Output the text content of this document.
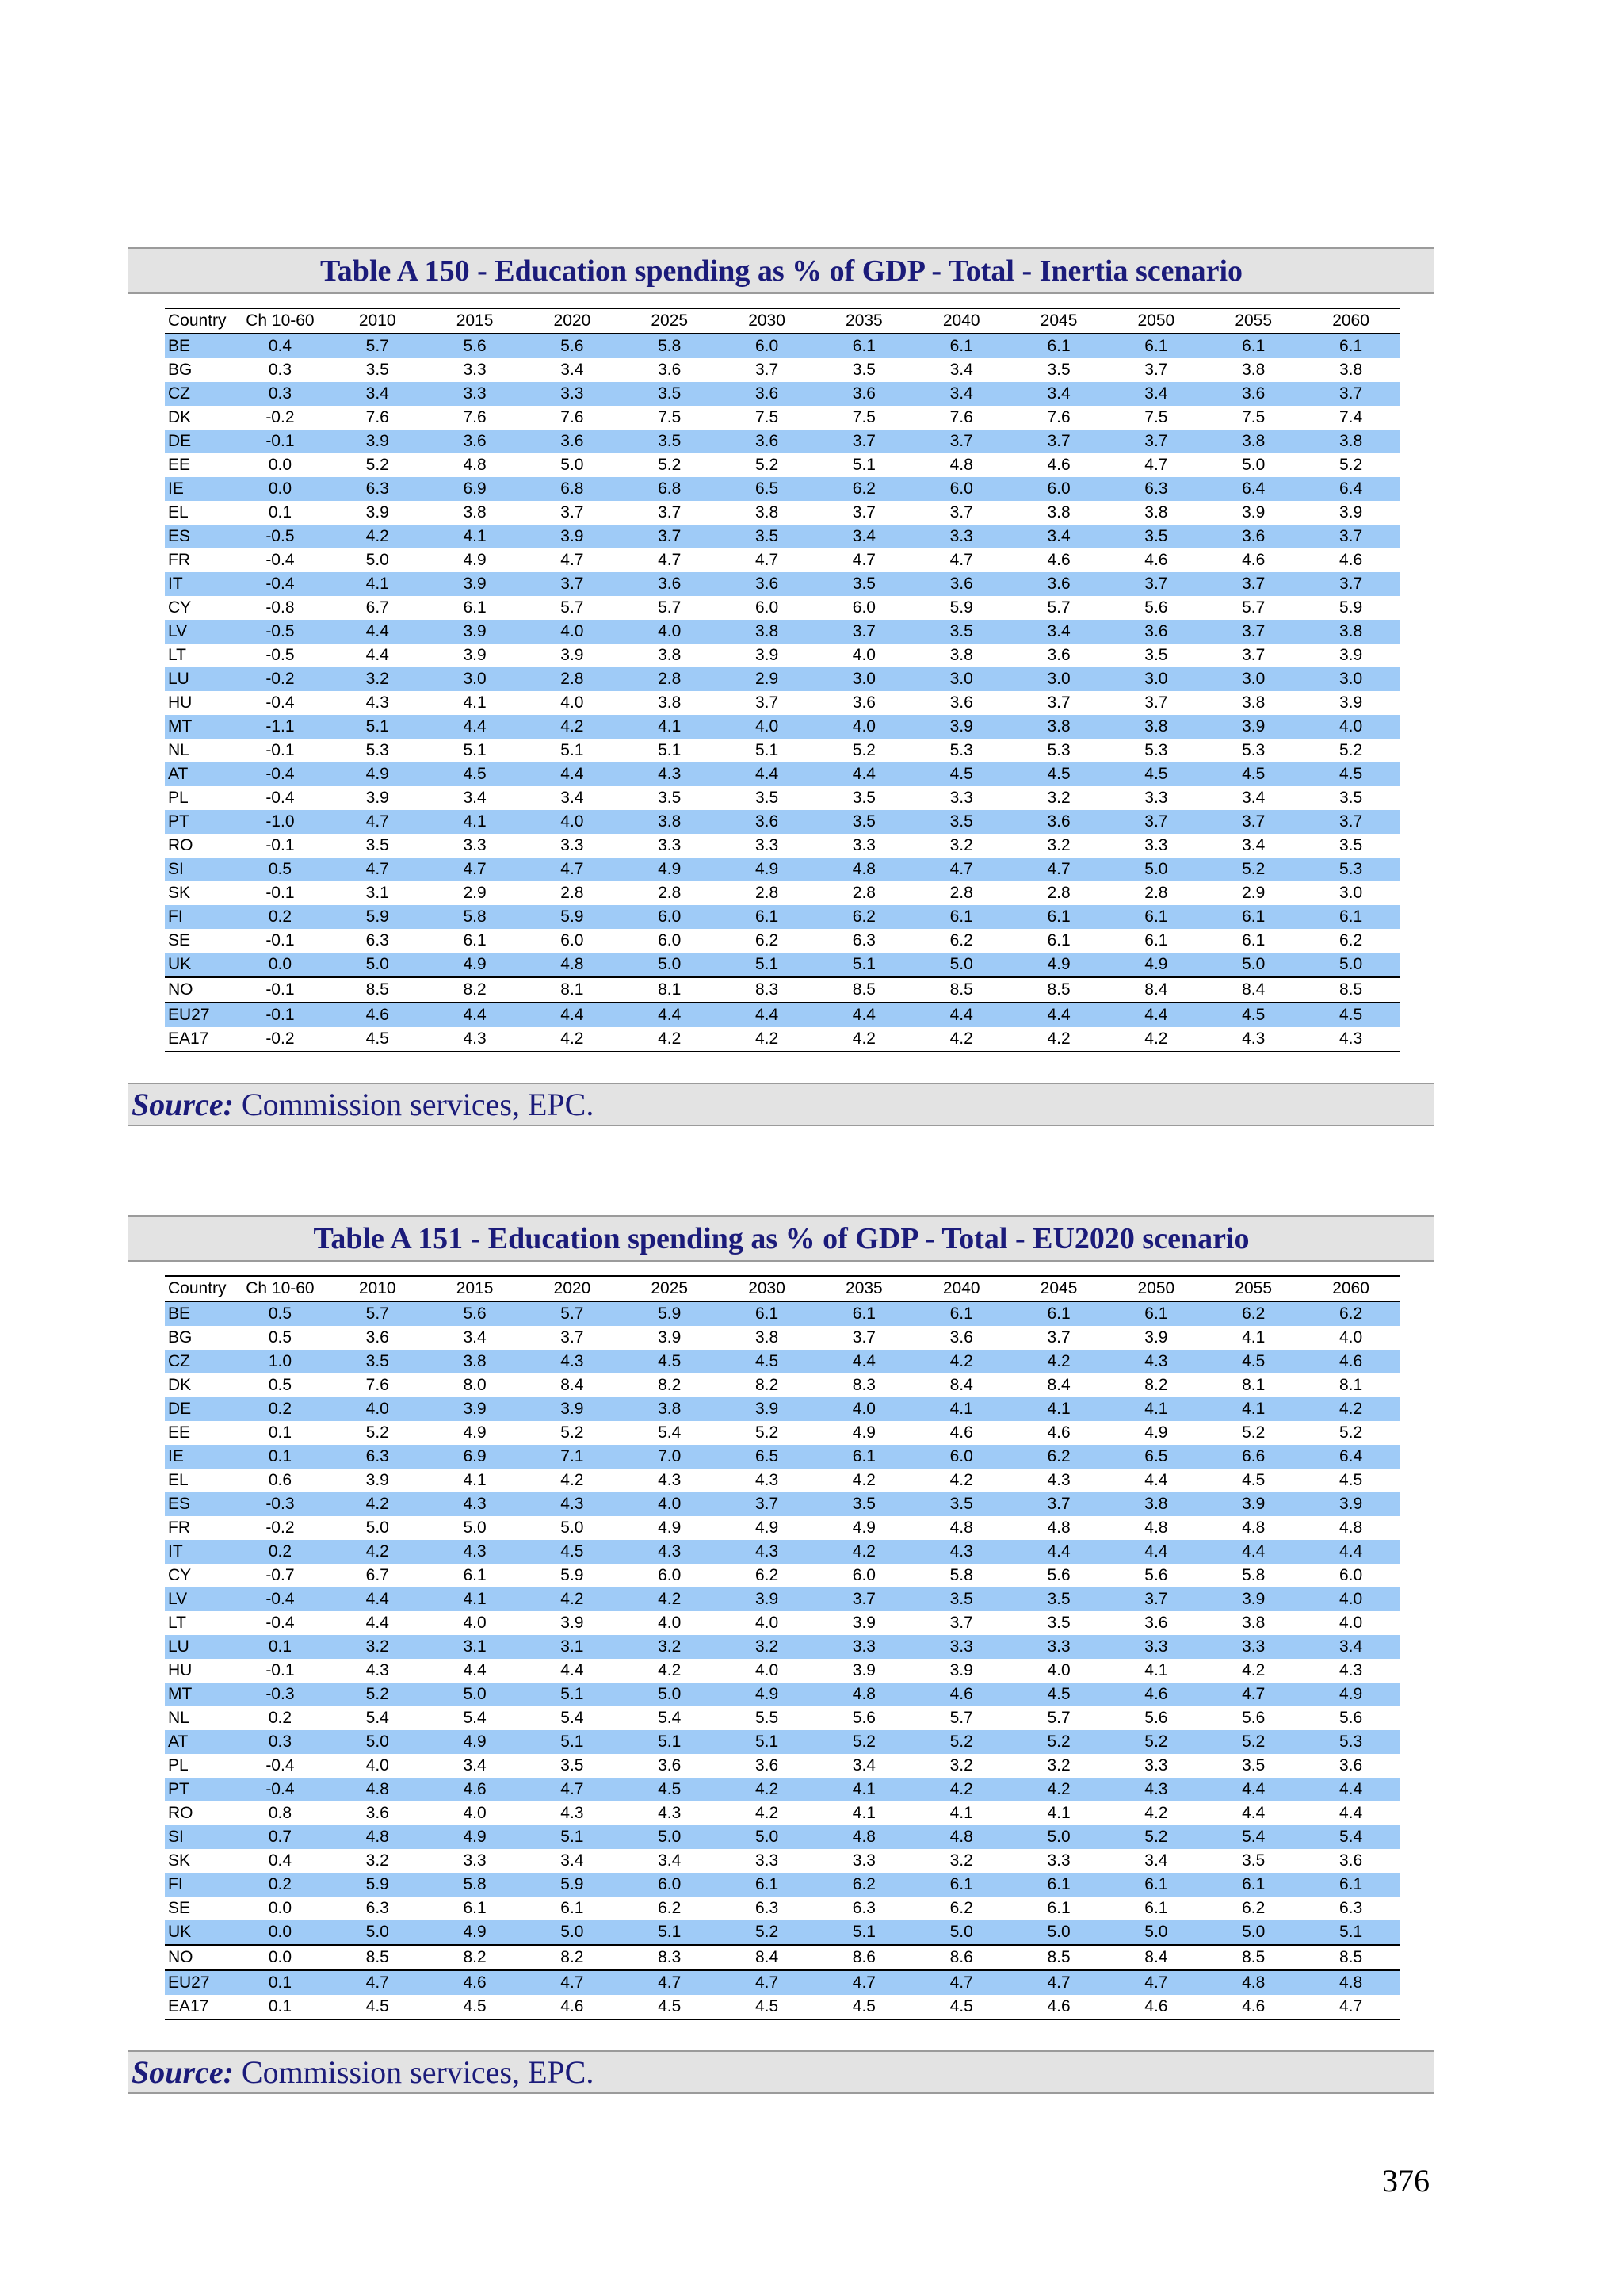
Table A 150 - Education spending as % of GDP - Total - Inertia scenario
Country	Ch 10-60	2010	2015	2020	2025	2030	2035	2040	2045	2050	2055	2060
BE	0.4	5.7	5.6	5.6	5.8	6.0	6.1	6.1	6.1	6.1	6.1	6.1
BG	0.3	3.5	3.3	3.4	3.6	3.7	3.5	3.4	3.5	3.7	3.8	3.8
CZ	0.3	3.4	3.3	3.3	3.5	3.6	3.6	3.4	3.4	3.4	3.6	3.7
DK	-0.2	7.6	7.6	7.6	7.5	7.5	7.5	7.6	7.6	7.5	7.5	7.4
DE	-0.1	3.9	3.6	3.6	3.5	3.6	3.7	3.7	3.7	3.7	3.8	3.8
EE	0.0	5.2	4.8	5.0	5.2	5.2	5.1	4.8	4.6	4.7	5.0	5.2
IE	0.0	6.3	6.9	6.8	6.8	6.5	6.2	6.0	6.0	6.3	6.4	6.4
EL	0.1	3.9	3.8	3.7	3.7	3.8	3.7	3.7	3.8	3.8	3.9	3.9
ES	-0.5	4.2	4.1	3.9	3.7	3.5	3.4	3.3	3.4	3.5	3.6	3.7
FR	-0.4	5.0	4.9	4.7	4.7	4.7	4.7	4.7	4.6	4.6	4.6	4.6
IT	-0.4	4.1	3.9	3.7	3.6	3.6	3.5	3.6	3.6	3.7	3.7	3.7
CY	-0.8	6.7	6.1	5.7	5.7	6.0	6.0	5.9	5.7	5.6	5.7	5.9
LV	-0.5	4.4	3.9	4.0	4.0	3.8	3.7	3.5	3.4	3.6	3.7	3.8
LT	-0.5	4.4	3.9	3.9	3.8	3.9	4.0	3.8	3.6	3.5	3.7	3.9
LU	-0.2	3.2	3.0	2.8	2.8	2.9	3.0	3.0	3.0	3.0	3.0	3.0
HU	-0.4	4.3	4.1	4.0	3.8	3.7	3.6	3.6	3.7	3.7	3.8	3.9
MT	-1.1	5.1	4.4	4.2	4.1	4.0	4.0	3.9	3.8	3.8	3.9	4.0
NL	-0.1	5.3	5.1	5.1	5.1	5.1	5.2	5.3	5.3	5.3	5.3	5.2
AT	-0.4	4.9	4.5	4.4	4.3	4.4	4.4	4.5	4.5	4.5	4.5	4.5
PL	-0.4	3.9	3.4	3.4	3.5	3.5	3.5	3.3	3.2	3.3	3.4	3.5
PT	-1.0	4.7	4.1	4.0	3.8	3.6	3.5	3.5	3.6	3.7	3.7	3.7
RO	-0.1	3.5	3.3	3.3	3.3	3.3	3.3	3.2	3.2	3.3	3.4	3.5
SI	0.5	4.7	4.7	4.7	4.9	4.9	4.8	4.7	4.7	5.0	5.2	5.3
SK	-0.1	3.1	2.9	2.8	2.8	2.8	2.8	2.8	2.8	2.8	2.9	3.0
FI	0.2	5.9	5.8	5.9	6.0	6.1	6.2	6.1	6.1	6.1	6.1	6.1
SE	-0.1	6.3	6.1	6.0	6.0	6.2	6.3	6.2	6.1	6.1	6.1	6.2
UK	0.0	5.0	4.9	4.8	5.0	5.1	5.1	5.0	4.9	4.9	5.0	5.0
NO	-0.1	8.5	8.2	8.1	8.1	8.3	8.5	8.5	8.5	8.4	8.4	8.5
EU27	-0.1	4.6	4.4	4.4	4.4	4.4	4.4	4.4	4.4	4.4	4.5	4.5
EA17	-0.2	4.5	4.3	4.2	4.2	4.2	4.2	4.2	4.2	4.2	4.3	4.3
Source: Commission services, EPC.
Table A 151 - Education spending as % of GDP - Total - EU2020 scenario
Country	Ch 10-60	2010	2015	2020	2025	2030	2035	2040	2045	2050	2055	2060
BE	0.5	5.7	5.6	5.7	5.9	6.1	6.1	6.1	6.1	6.1	6.2	6.2
BG	0.5	3.6	3.4	3.7	3.9	3.8	3.7	3.6	3.7	3.9	4.1	4.0
CZ	1.0	3.5	3.8	4.3	4.5	4.5	4.4	4.2	4.2	4.3	4.5	4.6
DK	0.5	7.6	8.0	8.4	8.2	8.2	8.3	8.4	8.4	8.2	8.1	8.1
DE	0.2	4.0	3.9	3.9	3.8	3.9	4.0	4.1	4.1	4.1	4.1	4.2
EE	0.1	5.2	4.9	5.2	5.4	5.2	4.9	4.6	4.6	4.9	5.2	5.2
IE	0.1	6.3	6.9	7.1	7.0	6.5	6.1	6.0	6.2	6.5	6.6	6.4
EL	0.6	3.9	4.1	4.2	4.3	4.3	4.2	4.2	4.3	4.4	4.5	4.5
ES	-0.3	4.2	4.3	4.3	4.0	3.7	3.5	3.5	3.7	3.8	3.9	3.9
FR	-0.2	5.0	5.0	5.0	4.9	4.9	4.9	4.8	4.8	4.8	4.8	4.8
IT	0.2	4.2	4.3	4.5	4.3	4.3	4.2	4.3	4.4	4.4	4.4	4.4
CY	-0.7	6.7	6.1	5.9	6.0	6.2	6.0	5.8	5.6	5.6	5.8	6.0
LV	-0.4	4.4	4.1	4.2	4.2	3.9	3.7	3.5	3.5	3.7	3.9	4.0
LT	-0.4	4.4	4.0	3.9	4.0	4.0	3.9	3.7	3.5	3.6	3.8	4.0
LU	0.1	3.2	3.1	3.1	3.2	3.2	3.3	3.3	3.3	3.3	3.3	3.4
HU	-0.1	4.3	4.4	4.4	4.2	4.0	3.9	3.9	4.0	4.1	4.2	4.3
MT	-0.3	5.2	5.0	5.1	5.0	4.9	4.8	4.6	4.5	4.6	4.7	4.9
NL	0.2	5.4	5.4	5.4	5.4	5.5	5.6	5.7	5.7	5.6	5.6	5.6
AT	0.3	5.0	4.9	5.1	5.1	5.1	5.2	5.2	5.2	5.2	5.2	5.3
PL	-0.4	4.0	3.4	3.5	3.6	3.6	3.4	3.2	3.2	3.3	3.5	3.6
PT	-0.4	4.8	4.6	4.7	4.5	4.2	4.1	4.2	4.2	4.3	4.4	4.4
RO	0.8	3.6	4.0	4.3	4.3	4.2	4.1	4.1	4.1	4.2	4.4	4.4
SI	0.7	4.8	4.9	5.1	5.0	5.0	4.8	4.8	5.0	5.2	5.4	5.4
SK	0.4	3.2	3.3	3.4	3.4	3.3	3.3	3.2	3.3	3.4	3.5	3.6
FI	0.2	5.9	5.8	5.9	6.0	6.1	6.2	6.1	6.1	6.1	6.1	6.1
SE	0.0	6.3	6.1	6.1	6.2	6.3	6.3	6.2	6.1	6.1	6.2	6.3
UK	0.0	5.0	4.9	5.0	5.1	5.2	5.1	5.0	5.0	5.0	5.0	5.1
NO	0.0	8.5	8.2	8.2	8.3	8.4	8.6	8.6	8.5	8.4	8.5	8.5
EU27	0.1	4.7	4.6	4.7	4.7	4.7	4.7	4.7	4.7	4.7	4.8	4.8
EA17	0.1	4.5	4.5	4.6	4.5	4.5	4.5	4.5	4.6	4.6	4.6	4.7
Source: Commission services, EPC.
376
